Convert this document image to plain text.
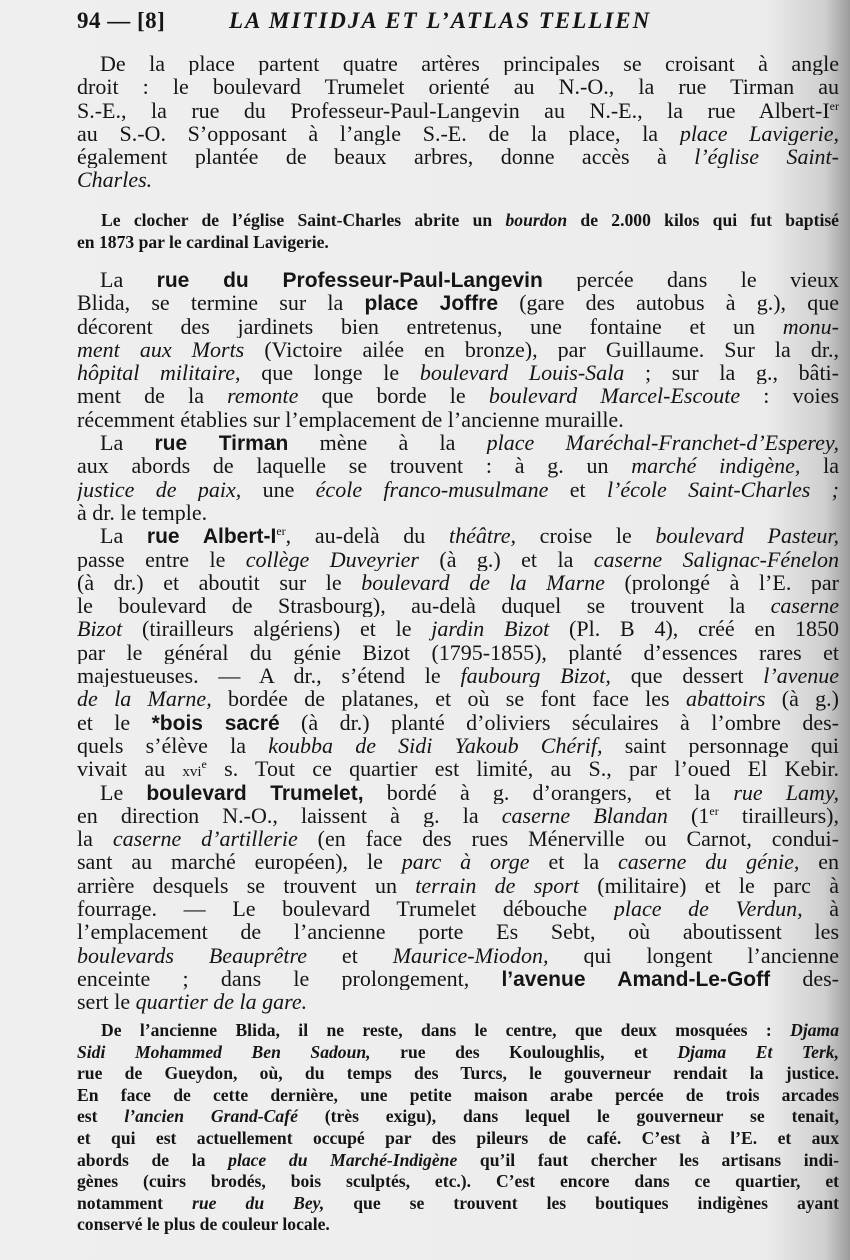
94 — [8]	LA MITIDJA ET L’ATLAS TELLIEN
De la place partent quatre artères principales se croisant à angle
droit : le boulevard Trumelet orienté au N.-O., la rue Tirman au
S.-E., la rue du Professeur-Paul-Langevin au N.-E., la rue Albert-Ier
au S.-O. S’opposant à l’angle S.-E. de la place, la place Lavigerie,
également plantée de beaux arbres, donne accès à l’église Saint-
Charles.
Le clocher de l’église Saint-Charles abrite un bourdon de 2.000 kilos qui fut baptisé
en 1873 par le cardinal Lavigerie.
La rue du Professeur-Paul-Langevin percée dans le vieux
Blida, se termine sur la place Joffre (gare des autobus à g.), que
décorent des jardinets bien entretenus, une fontaine et un monu-
ment aux Morts (Victoire ailée en bronze), par Guillaume. Sur la dr.,
hôpital militaire, que longe le boulevard Louis-Sala ; sur la g., bâti-
ment de la remonte que borde le boulevard Marcel-Escoute : voies
récemment établies sur l’emplacement de l’ancienne muraille.
La rue Tirman mène à la place Maréchal-Franchet-d’Esperey,
aux abords de laquelle se trouvent : à g. un marché indigène, la
justice de paix, une école franco-musulmane et l’école Saint-Charles ;
à dr. le temple.
La rue Albert-Ier, au-delà du théâtre, croise le boulevard Pasteur,
passe entre le collège Duveyrier (à g.) et la caserne Salignac-Fénelon
(à dr.) et aboutit sur le boulevard de la Marne (prolongé à l’E. par
le boulevard de Strasbourg), au-delà duquel se trouvent la caserne
Bizot (tirailleurs algériens) et le jardin Bizot (Pl. B 4), créé en 1850
par le général du génie Bizot (1795-1855), planté d’essences rares et
majestueuses. — A dr., s’étend le faubourg Bizot, que dessert l’avenue
de la Marne, bordée de platanes, et où se font face les abattoirs (à g.)
et le *bois sacré (à dr.) planté d’oliviers séculaires à l’ombre des-
quels s’élève la koubba de Sidi Yakoub Chérif, saint personnage qui
vivait au xvi$^e$ s. Tout ce quartier est limité, au S., par l’oued El Kebir.
Le boulevard Trumelet, bordé à g. d’orangers, et la rue Lamy,
en direction N.-O., laissent à g. la caserne Blandan (1er tirailleurs),
la caserne d’artillerie (en face des rues Ménerville ou Carnot, condui-
sant au marché européen), le parc à orge et la caserne du génie, en
arrière desquels se trouvent un terrain de sport (militaire) et le parc à
fourrage. — Le boulevard Trumelet débouche place de Verdun, à
l’emplacement de l’ancienne porte Es Sebt, où aboutissent les
boulevards Beauprêtre et Maurice-Miodon, qui longent l’ancienne
enceinte ; dans le prolongement, l’avenue Amand-Le-Goff des-
sert le quartier de la gare.
De l’ancienne Blida, il ne reste, dans le centre, que deux mosquées : Djama
Sidi Mohammed Ben Sadoun, rue des Kouloughlis, et Djama Et Terk,
rue de Gueydon, où, du temps des Turcs, le gouverneur rendait la justice.
En face de cette dernière, une petite maison arabe percée de trois arcades
est l’ancien Grand-Café (très exigu), dans lequel le gouverneur se tenait,
et qui est actuellement occupé par des pileurs de café. C’est à l’E. et aux
abords de la place du Marché-Indigène qu’il faut chercher les artisans indi-
gènes (cuirs brodés, bois sculptés, etc.). C’est encore dans ce quartier, et
notamment rue du Bey, que se trouvent les boutiques indigènes ayant
conservé le plus de couleur locale.
